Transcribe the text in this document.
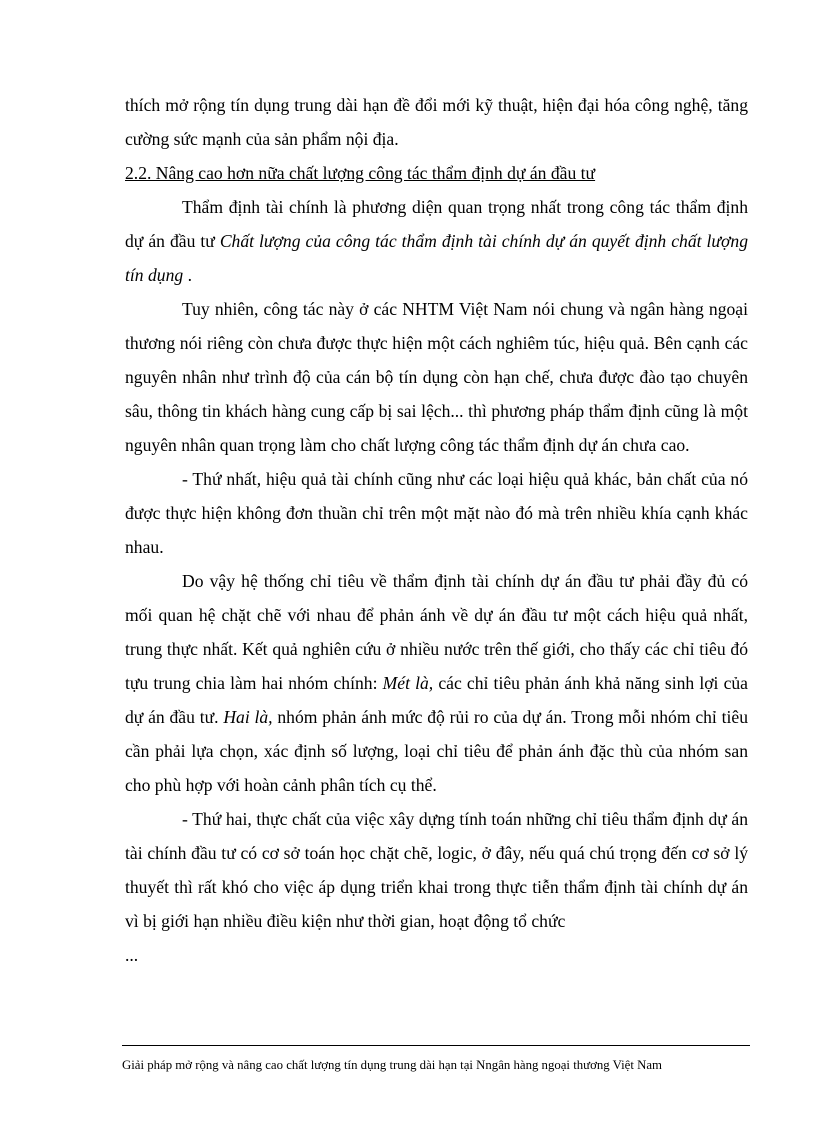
thích mở rộng tín dụng trung dài hạn đề đổi mới kỹ thuật, hiện đại hóa công nghệ, tăng cường sức mạnh của sản phẩm nội địa.

2.2. Nâng cao hơn nữa chất lượng công tác thẩm định dự án đầu tư

Thẩm định tài chính là phương diện quan trọng nhất trong công tác thẩm định dự án đầu tư Chất lượng của công tác thẩm định tài chính dự án quyết định chất lượng tín dụng .

Tuy nhiên, công tác này ở các NHTM Việt Nam nói chung và ngân hàng ngoại thương nói riêng còn chưa được thực hiện một cách nghiêm túc, hiệu quả. Bên cạnh các nguyên nhân như trình độ của cán bộ tín dụng còn hạn chế, chưa được đào tạo chuyên sâu, thông tin khách hàng cung cấp bị sai lệch... thì phương pháp thẩm định cũng là một nguyên nhân quan trọng làm cho chất lượng công tác thẩm định dự án chưa cao.

- Thứ nhất, hiệu quả tài chính cũng như các loại hiệu quả khác, bản chất của nó được thực hiện không đơn thuần chỉ trên một mặt nào đó mà trên nhiều khía cạnh khác nhau.

Do vậy hệ thống chỉ tiêu về thẩm định tài chính dự án đầu tư phải đầy đủ có mối quan hệ chặt chẽ với nhau để phản ánh về dự án đầu tư một cách hiệu quả nhất, trung thực nhất. Kết quả nghiên cứu ở nhiều nước trên thế giới, cho thấy các chỉ tiêu đó tựu trung chia làm hai nhóm chính: Mét là, các chỉ tiêu phản ánh khả năng sinh lợi của dự án đầu tư. Hai là, nhóm phản ánh mức độ rủi ro của dự án. Trong mỗi nhóm chỉ tiêu cần phải lựa chọn, xác định số lượng, loại chỉ tiêu để phản ánh đặc thù của nhóm san cho phù hợp với hoàn cảnh phân tích cụ thể.

- Thứ hai, thực chất của việc xây dựng tính toán những chỉ tiêu thẩm định dự án tài chính đầu tư có cơ sở toán học chặt chẽ, logic, ở đây, nếu quá chú trọng đến cơ sở lý thuyết thì rất khó cho việc áp dụng triển khai trong thực tiễn thẩm định tài chính dự án vì bị giới hạn nhiều điều kiện như thời gian, hoạt động tổ chức

...

Giải pháp mở rộng và nâng cao chất lượng tín dụng trung dài hạn tại Nngân hàng ngoại thương Việt Nam
